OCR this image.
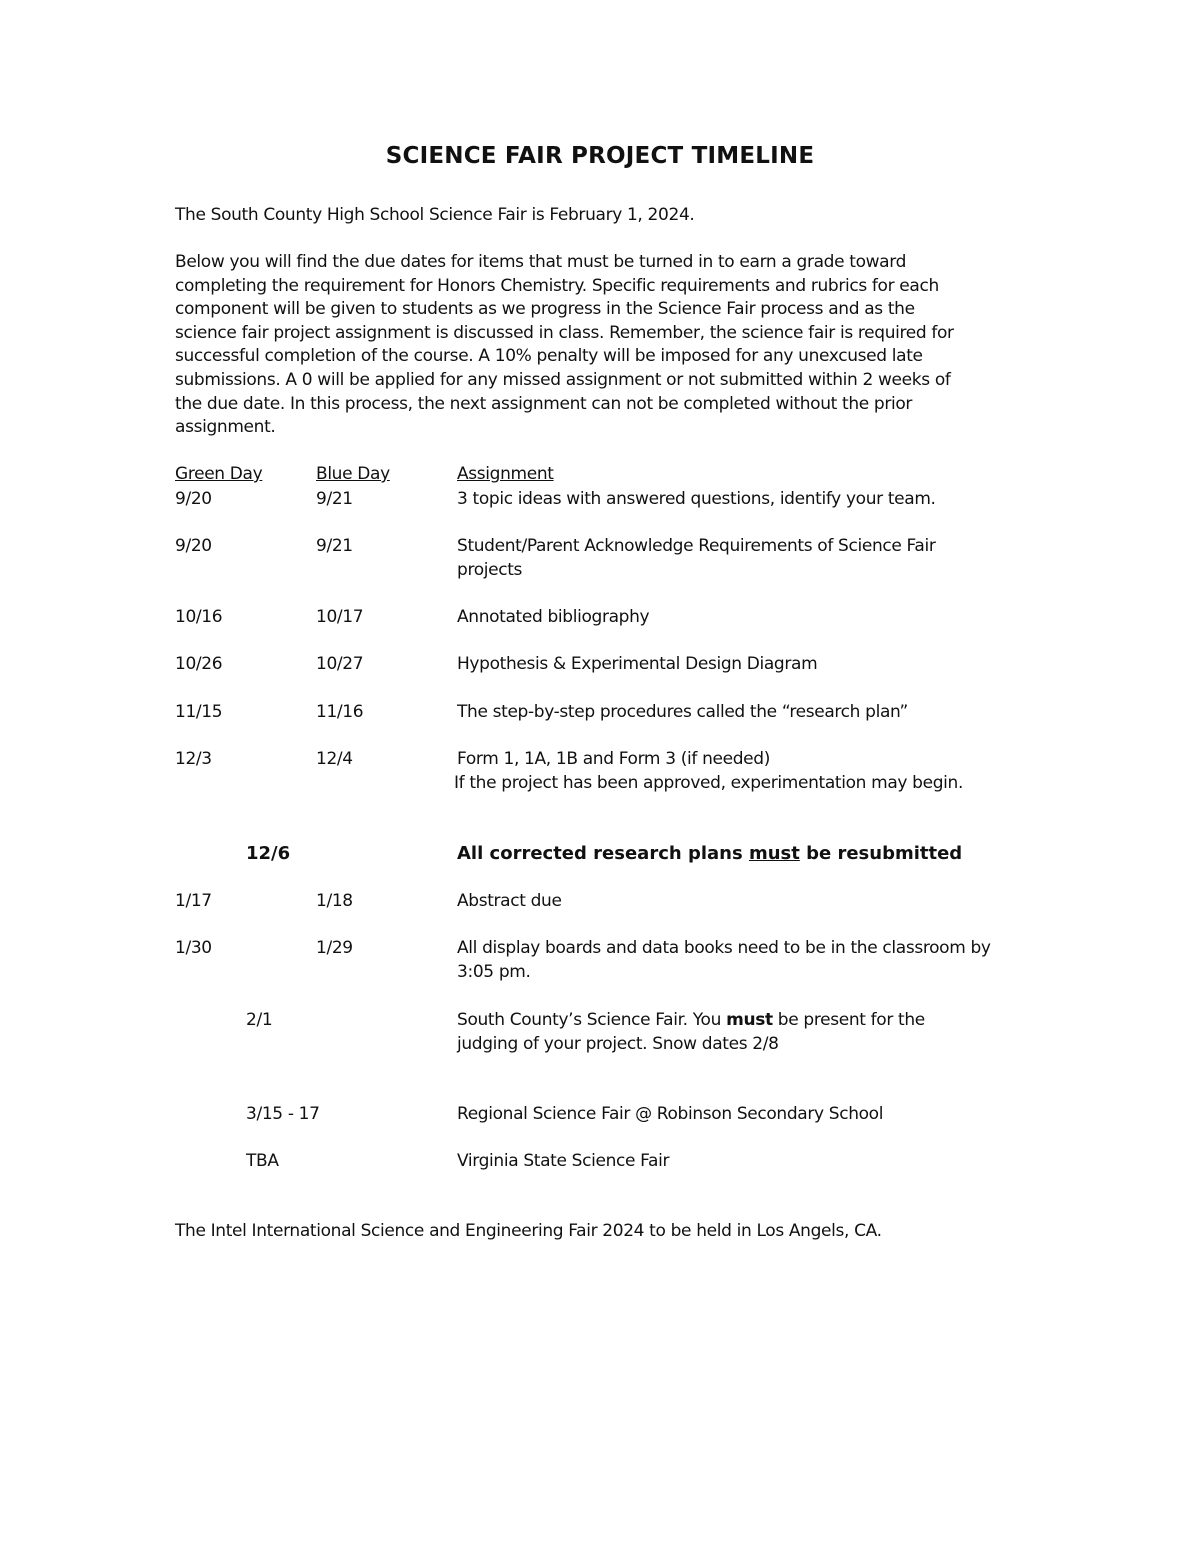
SCIENCE FAIR PROJECT TIMELINE
The South County High School Science Fair is February 1, 2024.
Below you will find the due dates for items that must be turned in to earn a grade toward
completing the requirement for Honors Chemistry. Specific requirements and rubrics for each
component will be given to students as we progress in the Science Fair process and as the
science fair project assignment is discussed in class. Remember, the science fair is required for
successful completion of the course. A 10% penalty will be imposed for any unexcused late
submissions. A 0 will be applied for any missed assignment or not submitted within 2 weeks of
the due date. In this process, the next assignment can not be completed without the prior
assignment.
Green Day	Blue Day	Assignment
9/20	9/21	3 topic ideas with answered questions, identify your team.
9/20	9/21	Student/Parent Acknowledge Requirements of Science Fair
projects
10/16	10/17	Annotated bibliography
10/26	10/27	Hypothesis & Experimental Design Diagram
11/15	11/16	The step-by-step procedures called the “research plan”
12/3	12/4	Form 1, 1A, 1B and Form 3 (if needed)
If the project has been approved, experimentation may begin.
12/6	All corrected research plans must be resubmitted
1/17	1/18	Abstract due
1/30	1/29	All display boards and data books need to be in the classroom by
3:05 pm.
2/1	South County’s Science Fair. You must be present for the
judging of your project. Snow dates 2/8
3/15 - 17	Regional Science Fair @ Robinson Secondary School
TBA	Virginia State Science Fair
The Intel International Science and Engineering Fair 2024 to be held in Los Angels, CA.
